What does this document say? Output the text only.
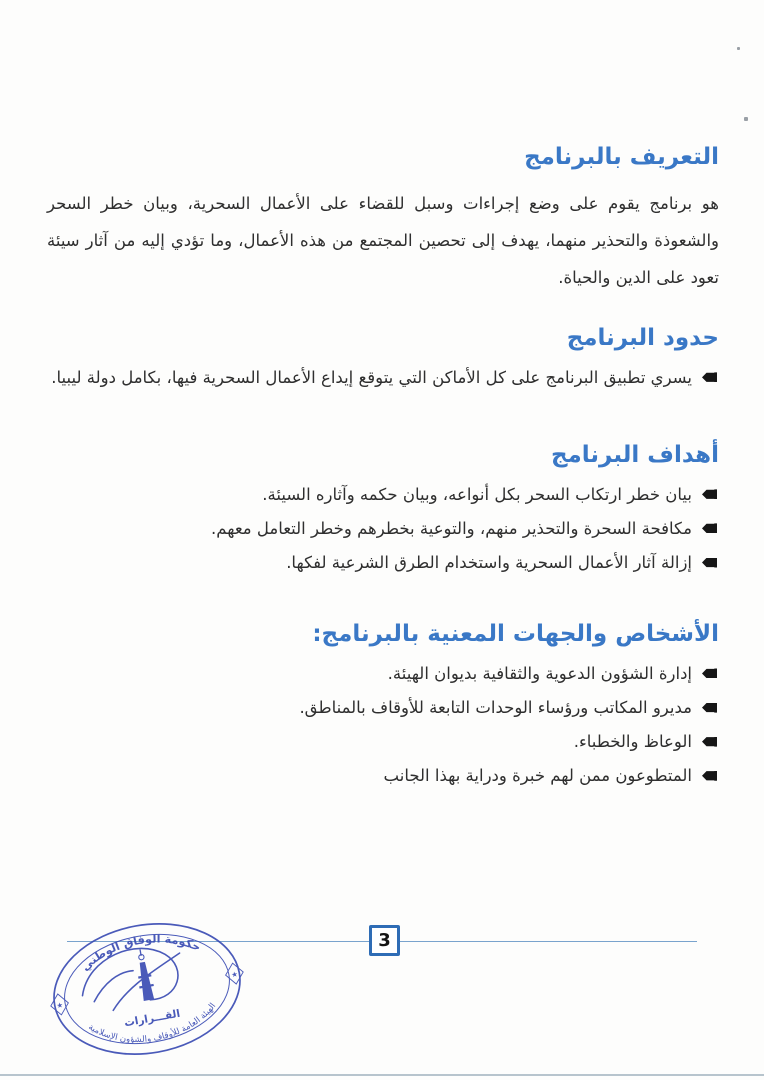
التعريف بالبرنامج

هو برنامج يقوم على وضع إجراءات وسبل للقضاء على الأعمال السحرية، وبيان خطر السحر والشعوذة والتحذير منهما، يهدف إلى تحصين المجتمع من هذه الأعمال، وما تؤدي إليه من آثار سيئة تعود على الدين والحياة.

حدود البرنامج
يسري تطبيق البرنامج على كل الأماكن التي يتوقع إيداع الأعمال السحرية فيها، بكامل دولة ليبيا.
أهداف البرنامج
بيان خطر ارتكاب السحر بكل أنواعه، وبيان حكمه وآثاره السيئة.
مكافحة السحرة والتحذير منهم، والتوعية بخطرهم وخطر التعامل معهم.
إزالة آثار الأعمال السحرية واستخدام الطرق الشرعية لفكها.
الأشخاص والجهات المعنية بالبرنامج:
إدارة الشؤون الدعوية والثقافية بديوان الهيئة.
مديرو المكاتب ورؤساء الوحدات التابعة للأوقاف بالمناطق.
الوعاظ والخطباء.
المتطوعون ممن لهم خبرة ودراية بهذا الجانب
3
★
★
حكومة الوفاق الوطني
الهيئة العامة للأوقاف والشؤون الإسلامية
القـــرارات
